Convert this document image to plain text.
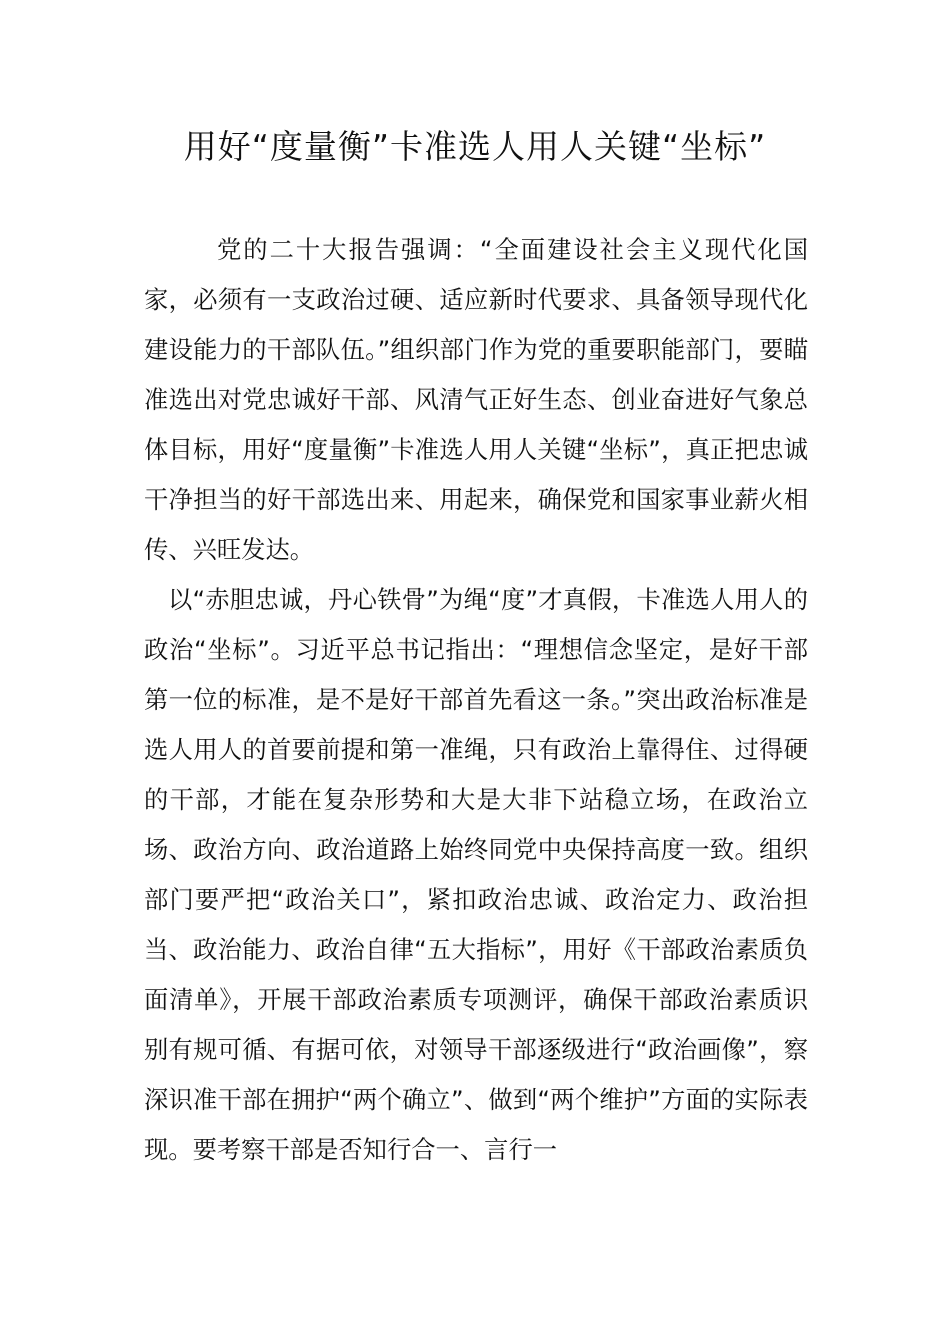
用好“度量衡”卡准选人用人关键“坐标”

党的二十大报告强调：“全面建设社会主义现代化国家，必须有一支政治过硬、适应新时代要求、具备领导现代化建设能力的干部队伍。”组织部门作为党的重要职能部门，要瞄准选出对党忠诚好干部、风清气正好生态、创业奋进好气象总体目标，用好“度量衡”卡准选人用人关键“坐标”，真正把忠诚干净担当的好干部选出来、用起来，确保党和国家事业薪火相传、兴旺发达。

以“赤胆忠诚，丹心铁骨”为绳“度”才真假，卡准选人用人的政治“坐标”。习近平总书记指出：“理想信念坚定，是好干部第一位的标准，是不是好干部首先看这一条。”突出政治标准是选人用人的首要前提和第一准绳，只有政治上靠得住、过得硬的干部，才能在复杂形势和大是大非下站稳立场，在政治立场、政治方向、政治道路上始终同党中央保持高度一致。组织部门要严把“政治关口”，紧扣政治忠诚、政治定力、政治担当、政治能力、政治自律“五大指标”，用好《干部政治素质负面清单》，开展干部政治素质专项测评，确保干部政治素质识别有规可循、有据可依，对领导干部逐级进行“政治画像”，察深识准干部在拥护“两个确立”、做到“两个维护”方面的实际表现。要考察干部是否知行合一、言行一
